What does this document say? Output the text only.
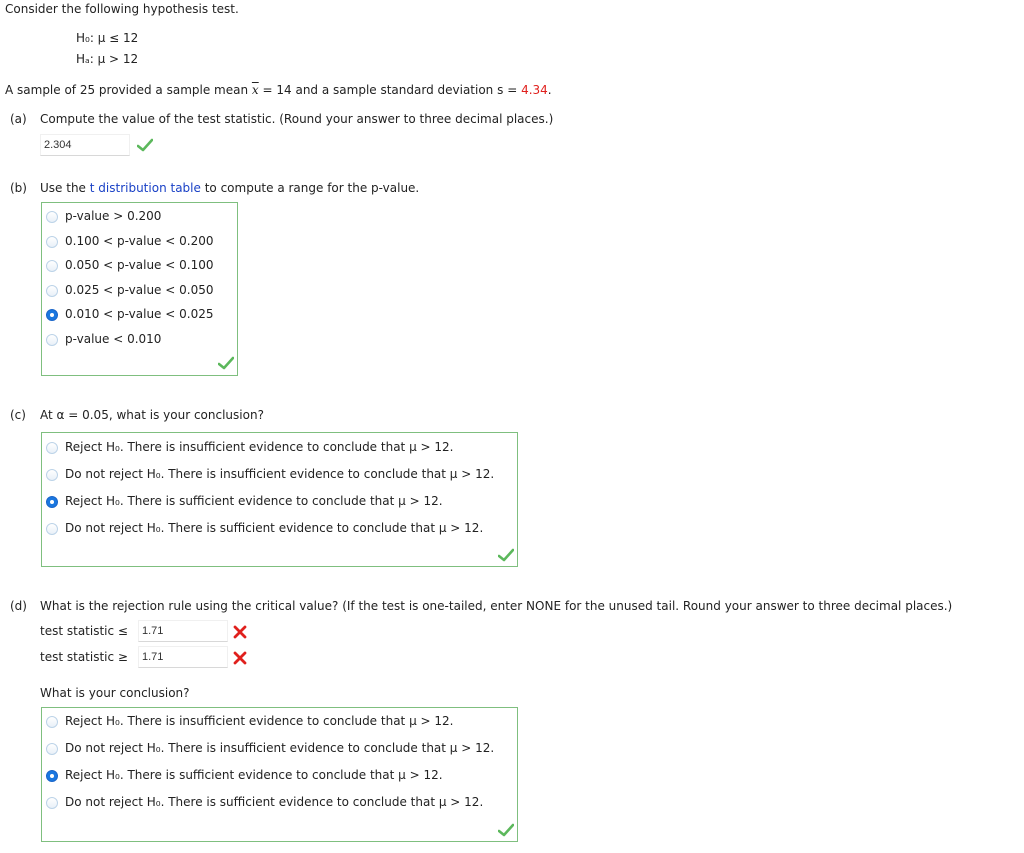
Consider the following hypothesis test.
H₀: μ ≤ 12
Hₐ: μ > 12
A sample of 25 provided a sample mean $\overline{x} = 14$ and a sample standard deviation s = 4.34.
(a) Compute the value of the test statistic. (Round your answer to three decimal places.)
2.304
(b) Use the t distribution table to compute a range for the p-value.
p-value > 0.200
0.100 < p-value < 0.200
0.050 < p-value < 0.100
0.025 < p-value < 0.050
0.010 < p-value < 0.025
p-value < 0.010
(c) At α = 0.05, what is your conclusion?
Reject H₀. There is insufficient evidence to conclude that μ > 12.
Do not reject H₀. There is insufficient evidence to conclude that μ > 12.
Reject H₀. There is sufficient evidence to conclude that μ > 12.
Do not reject H₀. There is sufficient evidence to conclude that μ > 12.
(d) What is the rejection rule using the critical value? (If the test is one-tailed, enter NONE for the unused tail. Round your answer to three decimal places.)
test statistic ≤	1.71
test statistic ≥	1.71
What is your conclusion?
Reject H₀. There is insufficient evidence to conclude that μ > 12.
Do not reject H₀. There is insufficient evidence to conclude that μ > 12.
Reject H₀. There is sufficient evidence to conclude that μ > 12.
Do not reject H₀. There is sufficient evidence to conclude that μ > 12.
